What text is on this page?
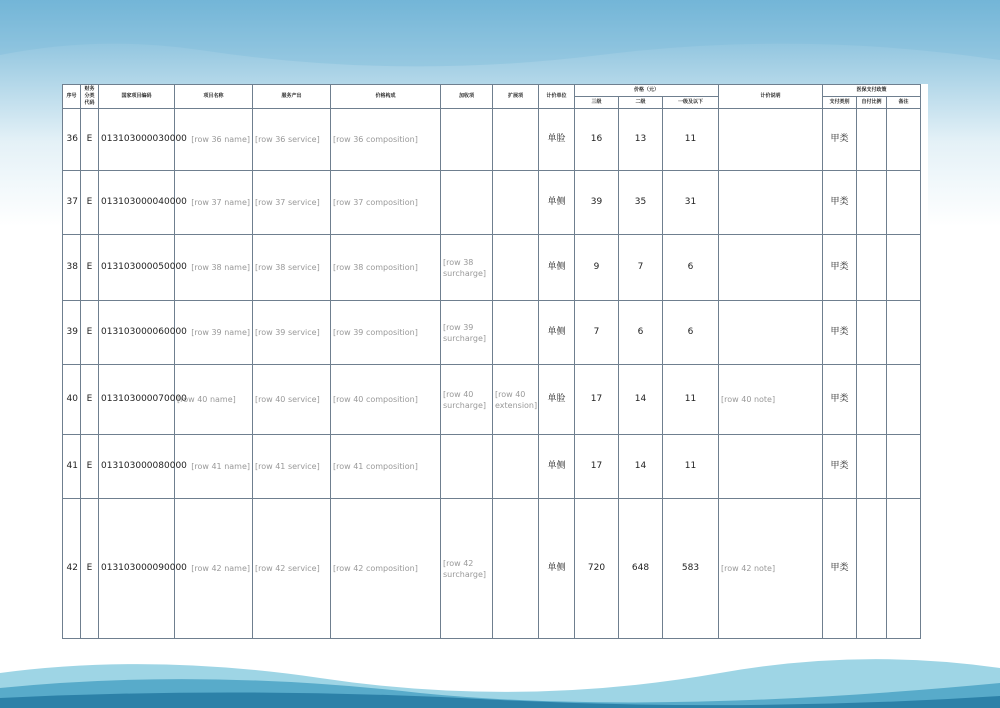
序号	财务分类代码	国家项目编码	项目名称	服务产出	价格构成	加收项	扩展项	计价单位	价格（元）			计价说明	医保支付政策		
									三级	二级	一级及以下		支付类别	自付比例	备注
36	E	013103000030000	[row 36 name]	[row 36 service]	[row 36 composition]			单脸	16	13	11		甲类		
37	E	013103000040000	[row 37 name]	[row 37 service]	[row 37 composition]			单侧	39	35	31		甲类		
38	E	013103000050000	[row 38 name]	[row 38 service]	[row 38 composition]	[row 38 surcharge]		单侧	9	7	6		甲类		
39	E	013103000060000	[row 39 name]	[row 39 service]	[row 39 composition]	[row 39 surcharge]		单侧	7	6	6		甲类		
40	E	013103000070000	[row 40 name]	[row 40 service]	[row 40 composition]	[row 40 surcharge]	[row 40 extension]	单脸	17	14	11	[row 40 note]	甲类		
41	E	013103000080000	[row 41 name]	[row 41 service]	[row 41 composition]			单侧	17	14	11		甲类		
42	E	013103000090000	[row 42 name]	[row 42 service]	[row 42 composition]	[row 42 surcharge]		单侧	720	648	583	[row 42 note]	甲类		
